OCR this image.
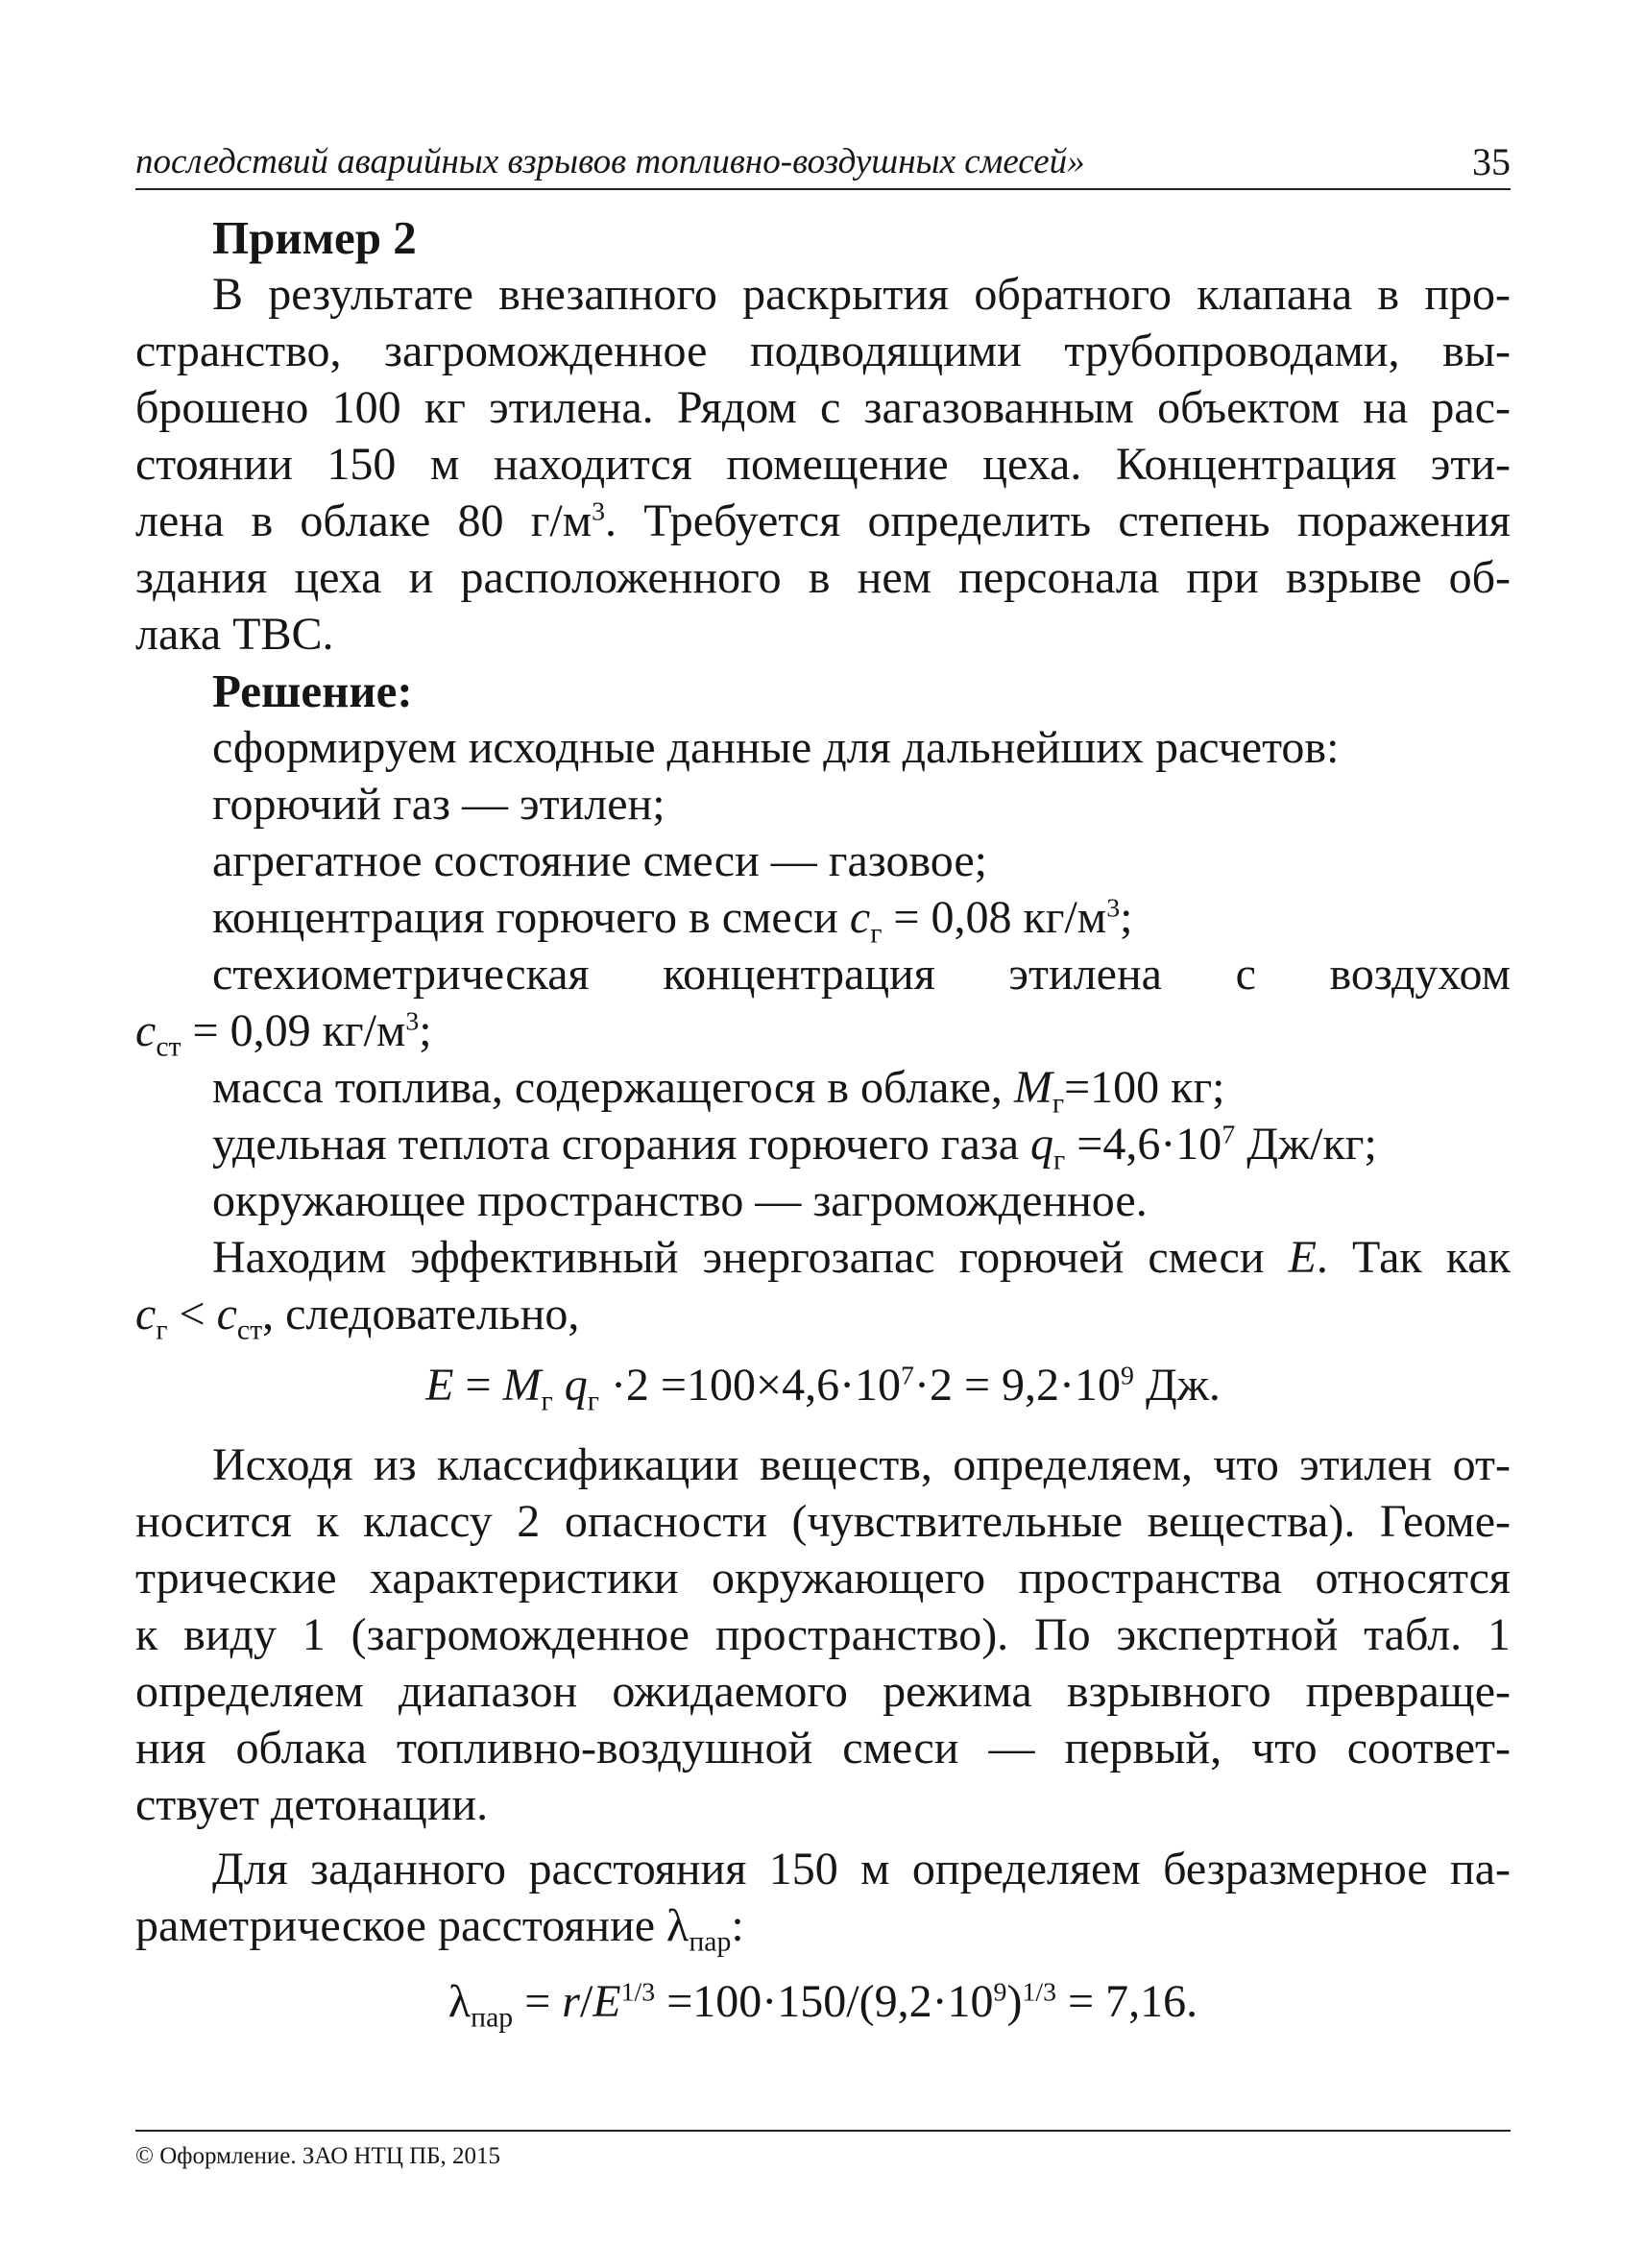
последствий аварийных взрывов топливно-воздушных смесей»	35
Пример 2
В результате внезапного раскрытия обратного клапана в про-
странство, загроможденное подводящими трубопроводами, вы-
брошено 100 кг этилена. Рядом с загазованным объектом на рас-
стоянии 150 м находится помещение цеха. Концентрация эти-
лена в облаке 80 $г/м^3$. Требуется определить степень поражения
здания цеха и расположенного в нем персонала при взрыве об-
лака ТВС.
Решение:
сформируем исходные данные для дальнейших расчетов:
горючий газ — этилен;
агрегатное состояние смеси — газовое;
концентрация горючего в смеси $c_г = 0,08$ $кг/м^3$;
стехиометрическая концентрация этилена с воздухом
$c_{ст} = 0,09$ $кг/м^3$;
масса топлива, содержащегося в облаке, $M_г=100$ кг;
удельная теплота сгорания горючего газа $q_г =4,6\cdot 10^7$ Дж/кг;
окружающее пространство — загроможденное.
Находим эффективный энергозапас горючей смеси E. Так как
$c_г < c_{ст}$, следовательно,
$E = M_г$ $q_г \cdot 2 =100\times 4,6\cdot 10^7\cdot 2 = 9,2\cdot 10^9$ Дж.
Исходя из классификации веществ, определяем, что этилен от-
носится к классу 2 опасности (чувствительные вещества). Геоме-
трические характеристики окружающего пространства относятся
к виду 1 (загроможденное пространство). По экспертной табл. 1
определяем диапазон ожидаемого режима взрывного превраще-
ния облака топливно-воздушной смеси — первый, что соответ-
ствует детонации.
Для заданного расстояния 150 м определяем безразмерное па-
раметрическое расстояние $\lambda_{пар}$:
$\lambda_{пар} = r/E^{1/3} =100\cdot 150/(9,2\cdot 10^9)^{1/3} = 7,16$.
© Оформление. ЗАО НТЦ ПБ, 2015
